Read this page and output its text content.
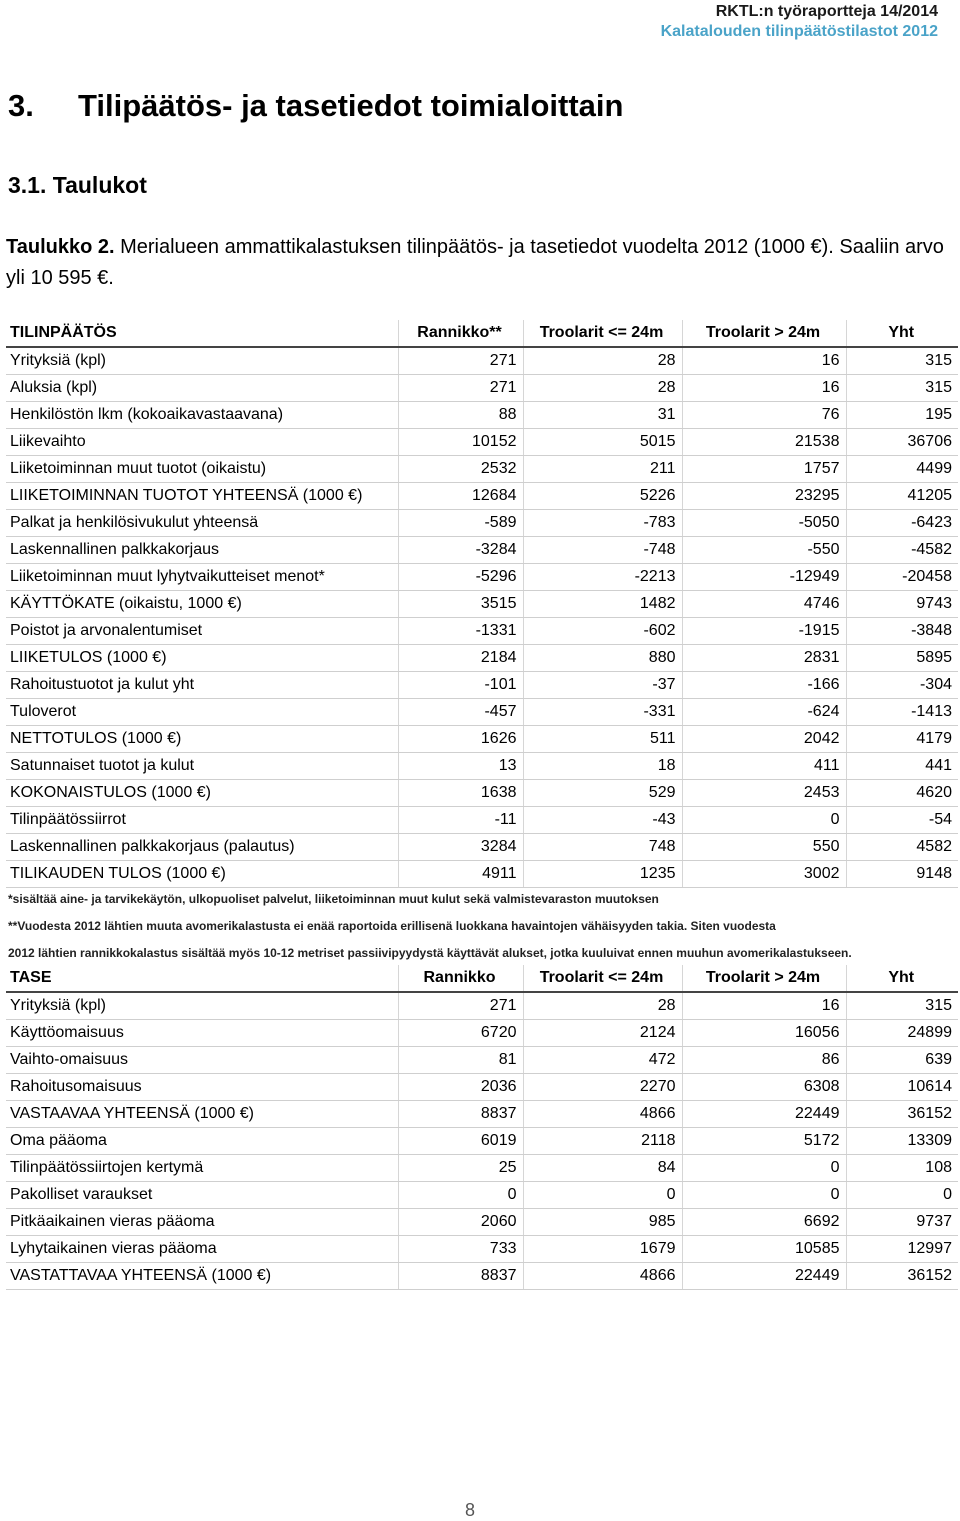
RKTL:n työraportteja 14/2014
Kalatalouden tilinpäätöstilastot 2012
3. Tilipäätös- ja tasetiedot toimialoittain
3.1. Taulukot
Taulukko 2. Merialueen ammattikalastuksen tilinpäätös- ja tasetiedot vuodelta 2012 (1000 €). Saaliin arvo yli 10 595 €.
TILINPÄÄTÖS	Rannikko**	Troolarit <= 24m	Troolarit > 24m	Yht
Yrityksiä (kpl)	271	28	16	315
Aluksia (kpl)	271	28	16	315
Henkilöstön lkm (kokoaikavastaavana)	88	31	76	195
Liikevaihto	10152	5015	21538	36706
Liiketoiminnan muut tuotot (oikaistu)	2532	211	1757	4499
LIIKETOIMINNAN TUOTOT YHTEENSÄ (1000 €)	12684	5226	23295	41205
Palkat ja henkilösivukulut yhteensä	-589	-783	-5050	-6423
Laskennallinen palkkakorjaus	-3284	-748	-550	-4582
Liiketoiminnan muut lyhytvaikutteiset menot*	-5296	-2213	-12949	-20458
KÄYTTÖKATE (oikaistu, 1000 €)	3515	1482	4746	9743
Poistot ja arvonalentumiset	-1331	-602	-1915	-3848
LIIKETULOS (1000 €)	2184	880	2831	5895
Rahoitustuotot ja kulut yht	-101	-37	-166	-304
Tuloverot	-457	-331	-624	-1413
NETTOTULOS (1000 €)	1626	511	2042	4179
Satunnaiset tuotot ja kulut	13	18	411	441
KOKONAISTULOS (1000 €)	1638	529	2453	4620
Tilinpäätössiirrot	-11	-43	0	-54
Laskennallinen palkkakorjaus (palautus)	3284	748	550	4582
TILIKAUDEN TULOS (1000 €)	4911	1235	3002	9148
*sisältää aine- ja tarvikekäytön, ulkopuoliset palvelut, liiketoiminnan muut kulut sekä valmistevaraston muutoksen
**Vuodesta 2012 lähtien muuta avomerikalastusta ei enää raportoida erillisenä luokkana havaintojen vähäisyyden takia. Siten vuodesta
2012 lähtien rannikkokalastus sisältää myös 10-12 metriset passiivipyydystä käyttävät alukset, jotka kuuluivat ennen muuhun avomerikalastukseen.
TASE	Rannikko	Troolarit <= 24m	Troolarit > 24m	Yht
Yrityksiä (kpl)	271	28	16	315
Käyttöomaisuus	6720	2124	16056	24899
Vaihto-omaisuus	81	472	86	639
Rahoitusomaisuus	2036	2270	6308	10614
VASTAAVAA YHTEENSÄ (1000 €)	8837	4866	22449	36152
Oma pääoma	6019	2118	5172	13309
Tilinpäätössiirtojen kertymä	25	84	0	108
Pakolliset varaukset	0	0	0	0
Pitkäaikainen vieras pääoma	2060	985	6692	9737
Lyhytaikainen vieras pääoma	733	1679	10585	12997
VASTATTAVAA YHTEENSÄ (1000 €)	8837	4866	22449	36152
8
